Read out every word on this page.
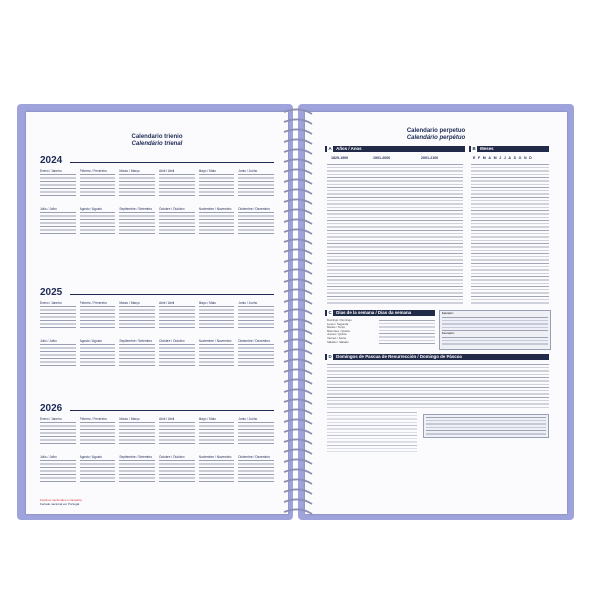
Calendario trienio
Calendário trienal
2024
Enero / Janeiro	Febrero / Fevereiro	Marzo / Março	Abril / Abril	Mayo / Maio	Junio / Junho
Julio / Julho	Agosto / Agosto	Septiembre / Setembro	Octubre / Outubro	Noviembre / Novembro	Diciembre / Dezembro
2025
Enero / Janeiro	Febrero / Fevereiro	Marzo / Março	Abril / Abril	Mayo / Maio	Junio / Junho
Julio / Julho	Agosto / Agosto	Septiembre / Setembro	Octubre / Outubro	Noviembre / Novembro	Diciembre / Dezembro
2026
Enero / Janeiro	Febrero / Fevereiro	Marzo / Março	Abril / Abril	Mayo / Maio	Junio / Junho
Julio / Julho	Agosto / Agosto	Septiembre / Setembro	Octubre / Outubro	Noviembre / Novembro	Diciembre / Dezembro
Festivos nacionales en España
Feriado nacional em Portugal
Calendario perpetuo
Calendário perpétuo
A	Años / Anos
1829-1900	1901-2000	2001-2100
B	Meses
EFMAMJJASOND
C	Días de la semana / Dias da semana
Domingo / Domingo
Lunes / Segunda
Martes / Terça
Miércoles / Quarta
Jueves / Quinta
Viernes / Sexta
Sábado / Sábado
Ejemplo:
Exemplo:
D	Domingos de Pascua de Resurrección / Domingo de Páscoa
